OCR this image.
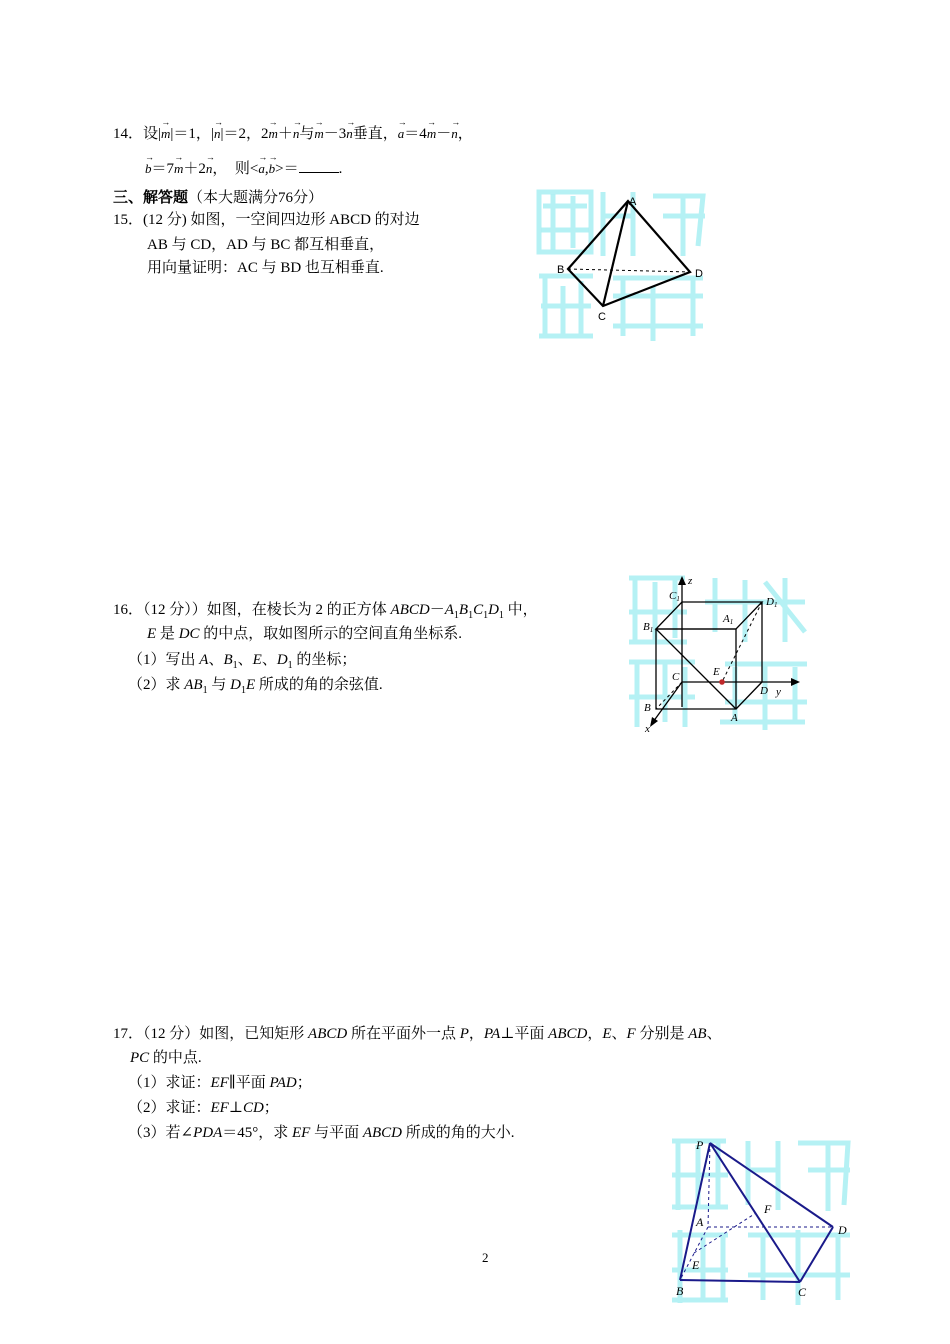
14．设|→ m|＝1，|→ n|＝2，2→ m＋→ n与→ m－3→ n垂直，→ a＝4→ m－→ n，
→ b＝7→ m＋2→ n，　则<→ a,→ b>＝	.
三、解答题（本大题满分76分）
15．(12 分) 如图，一空间四边形 ABCD 的对边
AB 与 CD，AD 与 BC 都互相垂直，
用向量证明：AC 与 BD 也互相垂直.
A
B
C
D
16．（12 分））如图，在棱长为 2 的正方体 $ABCD-A_1B_1C_1D_1$ 中，
E 是 DC 的中点，取如图所示的空间直角坐标系.
（1）写出 A、$B_1$、E、$D_1$ 的坐标；
（2）求 $AB_1$ 与 $D_1E$ 所成的角的余弦值.
z
y
x
C1	D1
B1
A1
E
C
D
B
A
17．（12 分）如图，已知矩形 ABCD 所在平面外一点 P，PA⊥平面 ABCD，E、F 分别是 AB、
PC 的中点.
（1）求证：EF∥平面 PAD；
（2）求证：EF⊥CD；
（3）若∠PDA＝45°，求 EF 与平面 ABCD 所成的角的大小.
P
A
F
D
E
B	C
2
